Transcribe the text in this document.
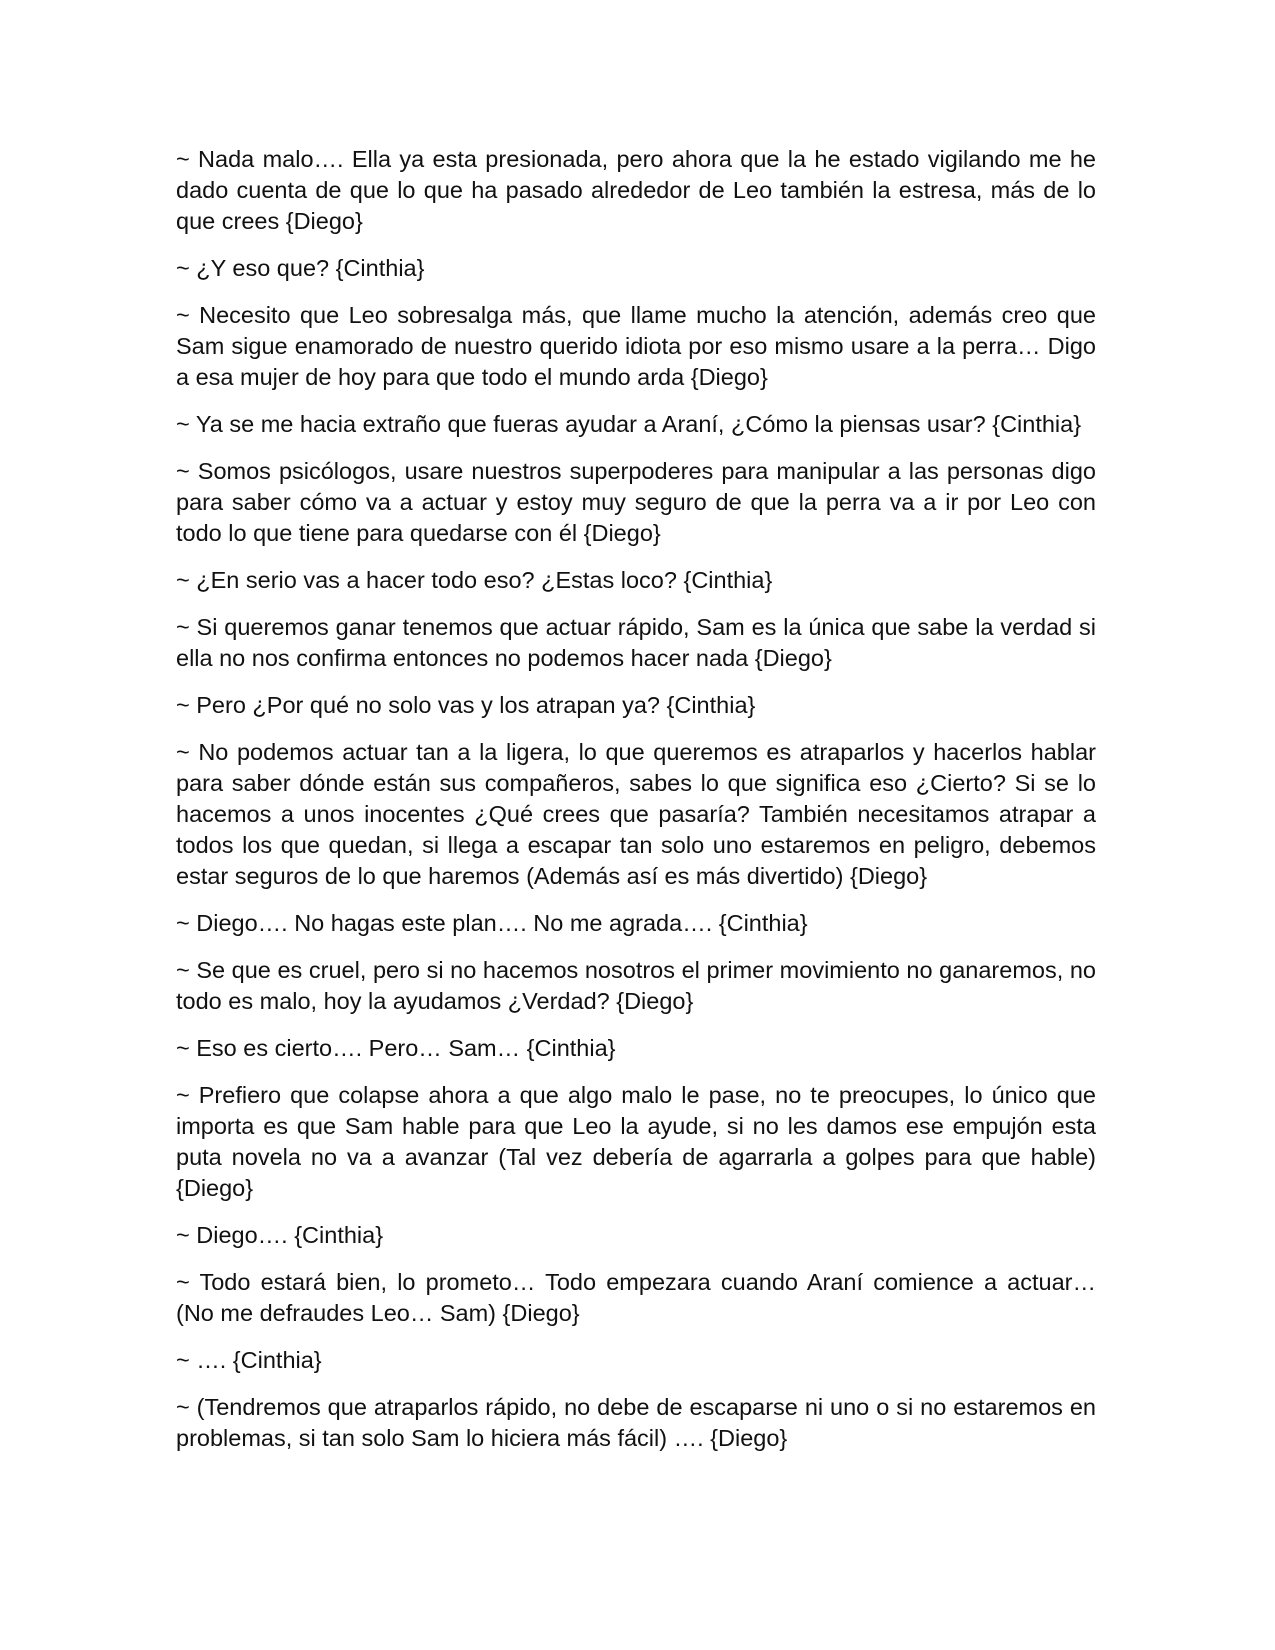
~ Nada malo…. Ella ya esta presionada, pero ahora que la he estado vigilando me he dado cuenta de que lo que ha pasado alrededor de Leo también la estresa, más de lo que crees {Diego}

~ ¿Y eso que? {Cinthia}

~ Necesito que Leo sobresalga más, que llame mucho la atención, además creo que Sam sigue enamorado de nuestro querido idiota por eso mismo usare a la perra… Digo a esa mujer de hoy para que todo el mundo arda {Diego}

~ Ya se me hacia extraño que fueras ayudar a Araní, ¿Cómo la piensas usar? {Cinthia}

~ Somos psicólogos, usare nuestros superpoderes para manipular a las personas digo para saber cómo va a actuar y estoy muy seguro de que la perra va a ir por Leo con todo lo que tiene para quedarse con él {Diego}

~ ¿En serio vas a hacer todo eso? ¿Estas loco? {Cinthia}

~ Si queremos ganar tenemos que actuar rápido, Sam es la única que sabe la verdad si ella no nos confirma entonces no podemos hacer nada {Diego}

~ Pero ¿Por qué no solo vas y los atrapan ya? {Cinthia}

~ No podemos actuar tan a la ligera, lo que queremos es atraparlos y hacerlos hablar para saber dónde están sus compañeros, sabes lo que significa eso ¿Cierto? Si se lo hacemos a unos inocentes ¿Qué crees que pasaría? También necesitamos atrapar a todos los que quedan, si llega a escapar tan solo uno estaremos en peligro, debemos estar seguros de lo que haremos (Además así es más divertido) {Diego}

~ Diego…. No hagas este plan…. No me agrada…. {Cinthia}

~ Se que es cruel, pero si no hacemos nosotros el primer movimiento no ganaremos, no todo es malo, hoy la ayudamos ¿Verdad? {Diego}

~ Eso es cierto…. Pero… Sam… {Cinthia}

~ Prefiero que colapse ahora a que algo malo le pase, no te preocupes, lo único que importa es que Sam hable para que Leo la ayude, si no les damos ese empujón esta puta novela no va a avanzar (Tal vez debería de agarrarla a golpes para que hable) {Diego}

~ Diego…. {Cinthia}

~ Todo estará bien, lo prometo… Todo empezara cuando Araní comience a actuar… (No me defraudes Leo… Sam) {Diego}

~ …. {Cinthia}

~ (Tendremos que atraparlos rápido, no debe de escaparse ni uno o si no estaremos en problemas, si tan solo Sam lo hiciera más fácil) …. {Diego}
